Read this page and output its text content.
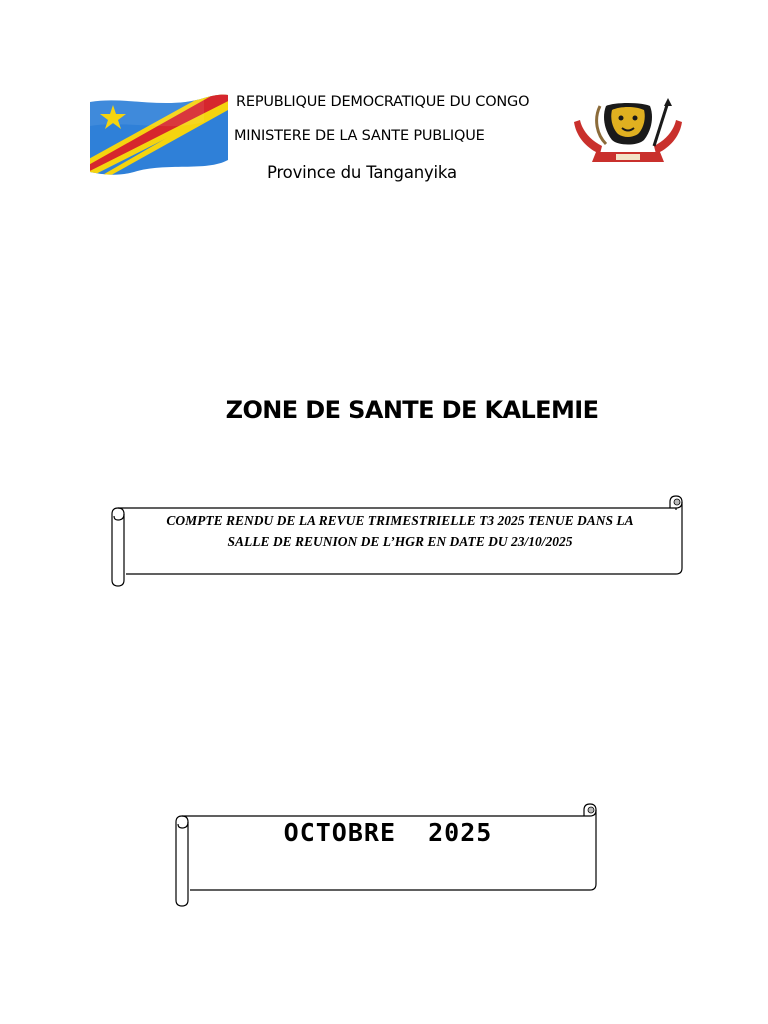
REPUBLIQUE DEMOCRATIQUE DU CONGO
MINISTERE DE LA SANTE PUBLIQUE
Province du Tanganyika
ZONE DE SANTE DE KALEMIE
COMPTE RENDU DE LA REVUE TRIMESTRIELLE T3 2025 TENUE DANS LA
SALLE DE REUNION DE L’HGR EN DATE DU 23/10/2025
OCTOBRE  2025
